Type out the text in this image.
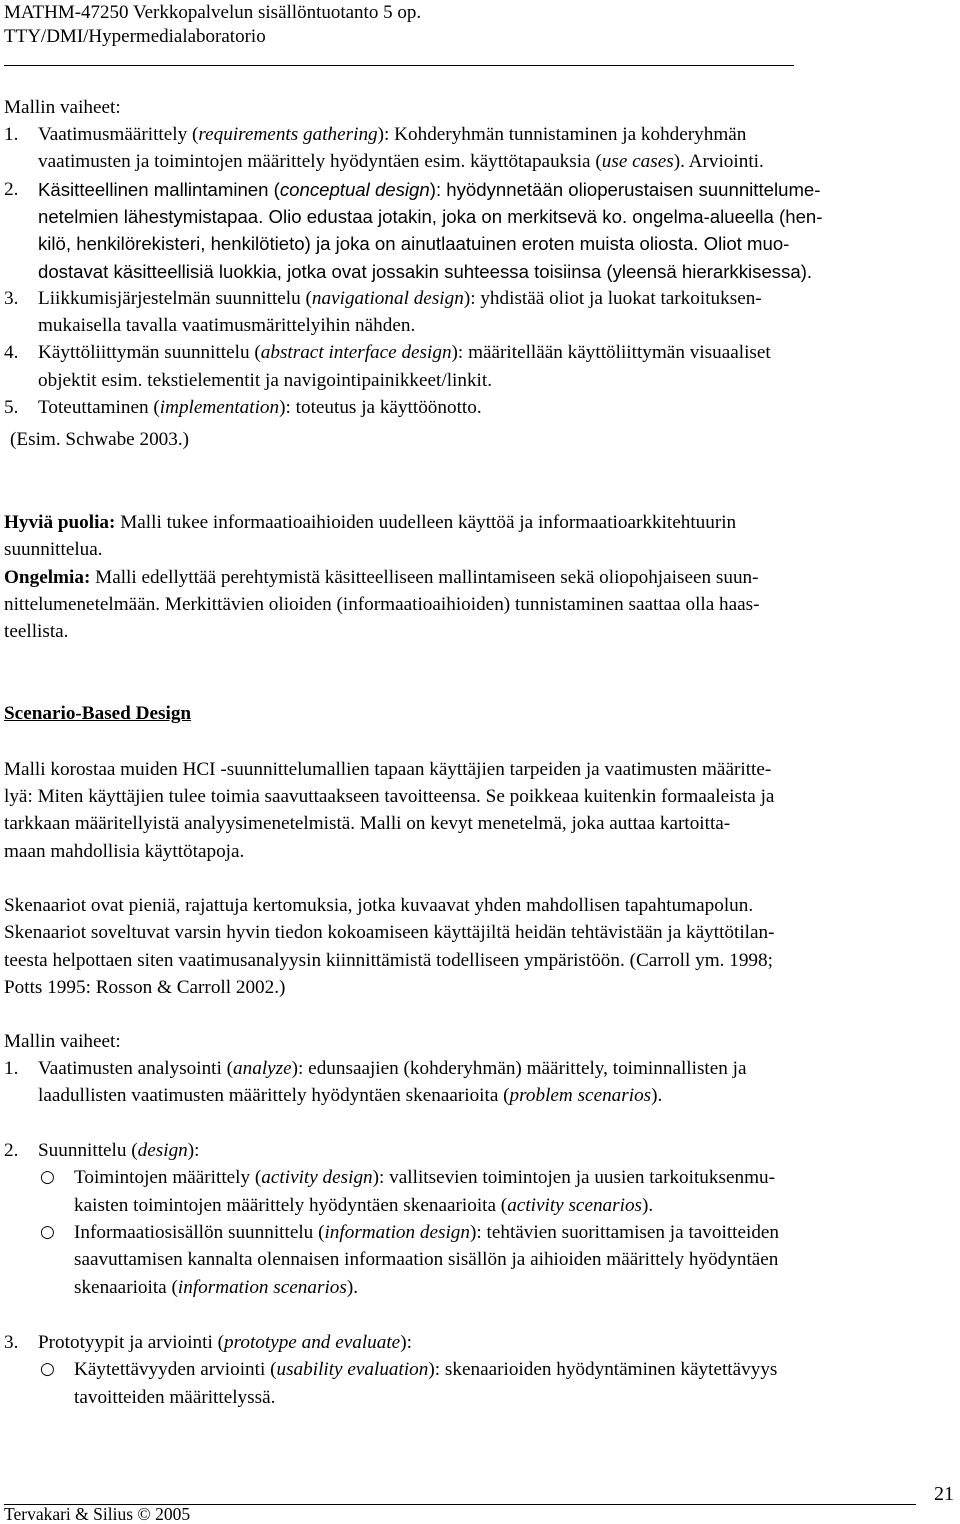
MATHM-47250 Verkkopalvelun sisällöntuotanto 5 op.
TTY/DMI/Hypermedialaboratorio
Mallin vaiheet:
1. Vaatimusmäärittely (requirements gathering): Kohderyhmän tunnistaminen ja kohderyhmän
vaatimusten ja toimintojen määrittely hyödyntäen esim. käyttötapauksia (use cases). Arviointi.
2. Käsitteellinen mallintaminen (conceptual design): hyödynnetään olioperustaisen suunnittelume-
netelmien lähestymistapaa. Olio edustaa jotakin, joka on merkitsevä ko. ongelma-alueella (hen-
kilö, henkilörekisteri, henkilötieto) ja joka on ainutlaatuinen eroten muista oliosta. Oliot muo-
dostavat käsitteellisiä luokkia, jotka ovat jossakin suhteessa toisiinsa (yleensä hierarkkisessa).
3. Liikkumisjärjestelmän suunnittelu (navigational design): yhdistää oliot ja luokat tarkoituksen-
mukaisella tavalla vaatimusmärittelyihin nähden.
4. Käyttöliittymän suunnittelu (abstract interface design): määritellään käyttöliittymän visuaaliset
objektit esim. tekstielementit ja navigointipainikkeet/linkit.
5. Toteuttaminen (implementation): toteutus ja käyttöönotto.
(Esim. Schwabe 2003.)
Hyviä puolia: Malli tukee informaatioaihioiden uudelleen käyttöä ja informaatioarkkitehtuurin
suunnittelua.
Ongelmia: Malli edellyttää perehtymistä käsitteelliseen mallintamiseen sekä oliopohjaiseen suun-
nittelumenetelmään. Merkittävien olioiden (informaatioaihioiden) tunnistaminen saattaa olla haas-
teellista.
Scenario-Based Design
Malli korostaa muiden HCI -suunnittelumallien tapaan käyttäjien tarpeiden ja vaatimusten määritte-
lyä: Miten käyttäjien tulee toimia saavuttaakseen tavoitteensa. Se poikkeaa kuitenkin formaaleista ja
tarkkaan määritellyistä analyysimenetelmistä. Malli on kevyt menetelmä, joka auttaa kartoitta-
maan mahdollisia käyttötapoja.
Skenaariot ovat pieniä, rajattuja kertomuksia, jotka kuvaavat yhden mahdollisen tapahtumapolun.
Skenaariot soveltuvat varsin hyvin tiedon kokoamiseen käyttäjiltä heidän tehtävistään ja käyttötilan-
teesta helpottaen siten vaatimusanalyysin kiinnittämistä todelliseen ympäristöön. (Carroll ym. 1998;
Potts 1995: Rosson & Carroll 2002.)
Mallin vaiheet:
1. Vaatimusten analysointi (analyze): edunsaajien (kohderyhmän) määrittely, toiminnallisten ja
laadullisten vaatimusten määrittely hyödyntäen skenaarioita (problem scenarios).
2. Suunnittelu (design):
○ Toimintojen määrittely (activity design): vallitsevien toimintojen ja uusien tarkoituksenmu-
kaisten toimintojen määrittely hyödyntäen skenaarioita (activity scenarios).
○ Informaatiosisällön suunnittelu (information design): tehtävien suorittamisen ja tavoitteiden
saavuttamisen kannalta olennaisen informaation sisällön ja aihioiden määrittely hyödyntäen
skenaarioita (information scenarios).
3. Prototyypit ja arviointi (prototype and evaluate):
○ Käytettävyyden arviointi (usability evaluation): skenaarioiden hyödyntäminen käytettävyys
tavoitteiden määrittelyssä.
21
Tervakari & Silius © 2005
